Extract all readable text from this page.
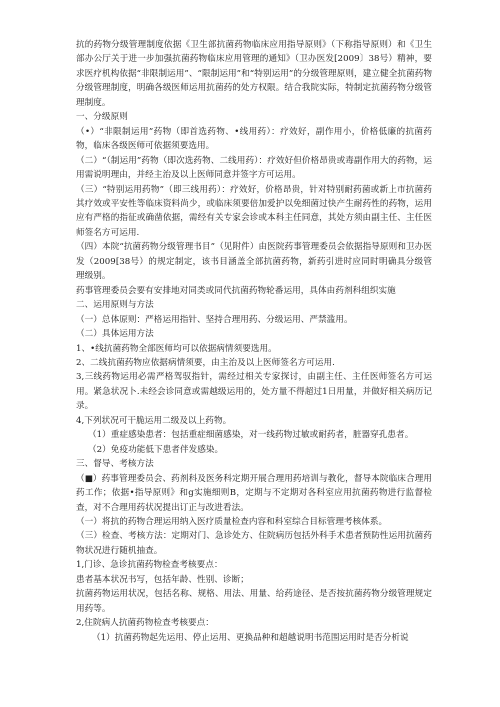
抗的药物分级管理制度依据《卫生部抗菌药物临床应用指导原则》（下称指导原则）和《卫生部办公厅关于进一步加强抗菌药物临床应用管理的通知》（卫办医发[2009〕38号）精神，要求医疗机构依据“非限制运用”、“限制运用”和“特别运用”的分级管理原则，建立健全抗菌药物分级管理制度，明确各级医师运用抗菌药的处方权限。结合我院实际，特制定抗菌药物分级管理制度。

一、分级原则

（•）“非限制运用”药物（即首选药物、•线用药）：疗效好，副作用小，价格低廉的抗菌药物，临床各级医师可依据须要选用。

（二）“（制运用”药物（即次选药物、二线用药）：疗效好但价格昂贵或毒副作用大的药物，运用需说明理由，并经主治及以上医师同意并签字方可运用。

（三）“特别运用药物”（即三线用药）：疗效好，价格昂贵，针对特别耐药菌或新上市抗菌药其疗效或平安性等临床资料尚少，或临床须要倍加爱护以免细菌过快产生耐药性的药物，运用应有严格的指征或确凿依据，需经有关专家会诊或本科主任同意，其处方须由副主任、主任医师签名方可运用.

（四）本院“抗菌药物分级管理书目”（见附件）由医院药事管理委员会依据指导原则和卫办医发（2009[38号）的规定制定，该书目涵盖全部抗菌药物，新药引进时应同时明确具分级管理级别。

药事管理委员会要有安排地对同类或同代抗菌药物轮番运用，具体由药剂科组织实施

二、运用原则与方法

（一）总体原则：严格运用指针、坚持合理用药、分级运用、严禁滥用。

（二）具体运用方法

1、•线抗菌药物全部医师均可以依据病情须要选用。

2、二线抗菌药物应依据病情须要，由主治及以上医师签名方可运用.

3,三线药物运用必需严格驾驭指针，需经过相关专家探讨，由副主任、主任医师签名方可运用。紧急状况卜.未经会诊同意或需越级运用的，处方量不得超过1日用量，并做好相关病历记录。

4,下列状况可干脆运用二级及以上药物。

（1）重症感染患者：包括重症细菌感染，对一线药物过敏或耐药者，脏器穿孔患者。

（2）免疫功能低下患者伴发感染。

三、督导、考核方法

（■）药事管理委员会、药剂科及医务科定期开展合理用药培训与教化，督导本院临床合理用药工作；依据•指导原则》和g实施细则B，定期与不定期对各科室应用抗菌药物进行监督检查，对不合理用药状况提出订正与改进看法。

（一）将抗的药物合理运用纳入医疗质量检查内容和科室综合目标管理考核体系。

（三）检查、考核方法：定期对门、急诊处方、住院病历包括外科手术患者预防性运用抗菌药物状况进行随机抽查。

1,门诊、急诊抗菌药物检查考核要点：

患者基本状况书写，包括年龄、性别、诊断；

抗菌药物运用状况，包括名称、规格、用法、用量、给药途径、是否按抗菌药物分级管理规定用药等。

2,住院病人抗菌药物检查考核要点：

（1）抗菌药物起先运用、停止运用、更换品种和超越说明书范围运用时是否分析说
